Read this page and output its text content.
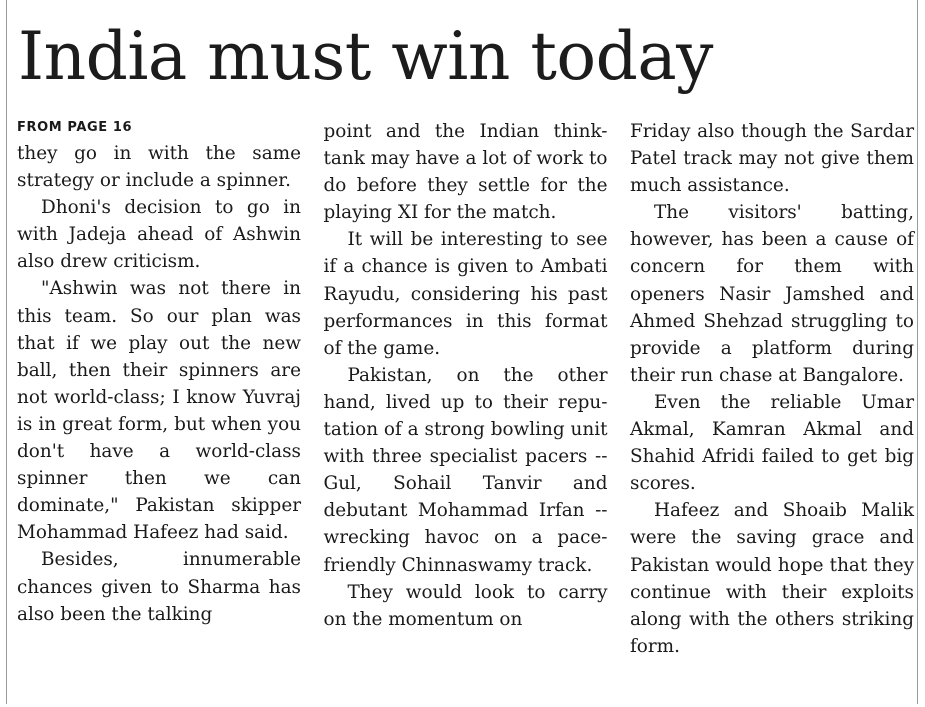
India must win today
FROM PAGE 16

they go in with the same strategy or include a spinner.

Dhoni's decision to go in with Jadeja ahead of Ashwin also drew criticism.

"Ashwin was not there in this team. So our plan was that if we play out the new ball, then their spinners are not world-class; I know Yuvraj is in great form, but when you don't have a world-class spinner then we can dominate," Pakistan skipper Mohammad Hafeez had said.

Besides, innumerable chances given to Sharma has also been the talking

point and the Indian think-tank may have a lot of work to do before they settle for the playing XI for the match.

It will be interesting to see if a chance is given to Ambati Rayudu, considering his past performances in this format of the game.

Pakistan, on the other hand, lived up to their reputation of a strong bowling unit with three specialist pacers -- Gul, Sohail Tanvir and debutant Mohammad Irfan -- wrecking havoc on a pace-friendly Chinnaswamy track.

They would look to carry on the momentum on

Friday also though the Sardar Patel track may not give them much assistance.

The visitors' batting, however, has been a cause of concern for them with openers Nasir Jamshed and Ahmed Shehzad struggling to provide a platform during their run chase at Bangalore.

Even the reliable Umar Akmal, Kamran Akmal and Shahid Afridi failed to get big scores.

Hafeez and Shoaib Malik were the saving grace and Pakistan would hope that they continue with their exploits along with the others striking form.
